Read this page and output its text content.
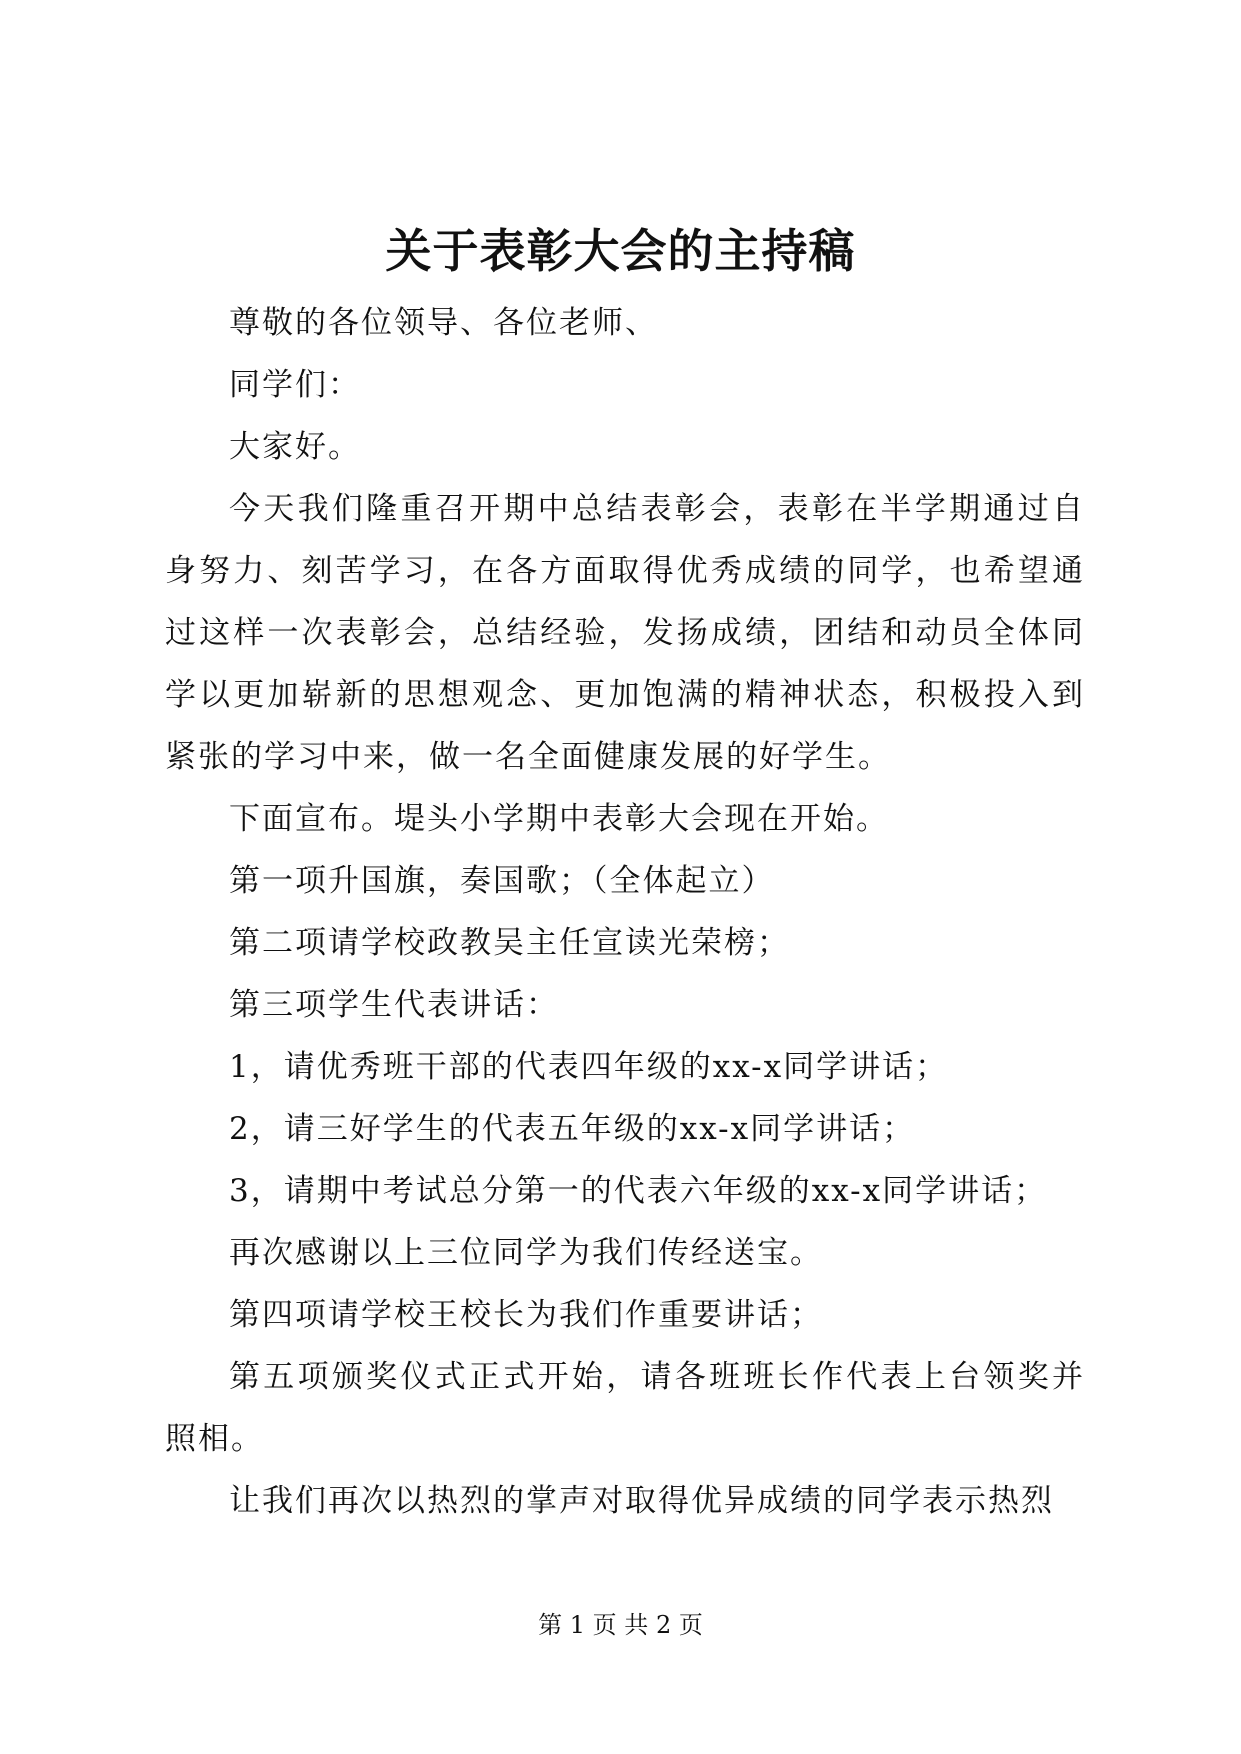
关于表彰大会的主持稿

尊敬的各位领导、各位老师、

同学们：

大家好。

今天我们隆重召开期中总结表彰会，表彰在半学期通过自身努力、刻苦学习，在各方面取得优秀成绩的同学，也希望通过这样一次表彰会，总结经验，发扬成绩，团结和动员全体同学以更加崭新的思想观念、更加饱满的精神状态，积极投入到紧张的学习中来，做一名全面健康发展的好学生。

下面宣布。堤头小学期中表彰大会现在开始。

第一项升国旗，奏国歌；（全体起立）

第二项请学校政教吴主任宣读光荣榜；

第三项学生代表讲话：

1，请优秀班干部的代表四年级的xx-x同学讲话；

2，请三好学生的代表五年级的xx-x同学讲话；

3，请期中考试总分第一的代表六年级的xx-x同学讲话；

再次感谢以上三位同学为我们传经送宝。

第四项请学校王校长为我们作重要讲话；

第五项颁奖仪式正式开始，请各班班长作代表上台领奖并照相。

让我们再次以热烈的掌声对取得优异成绩的同学表示热烈

第 1 页 共 2 页
